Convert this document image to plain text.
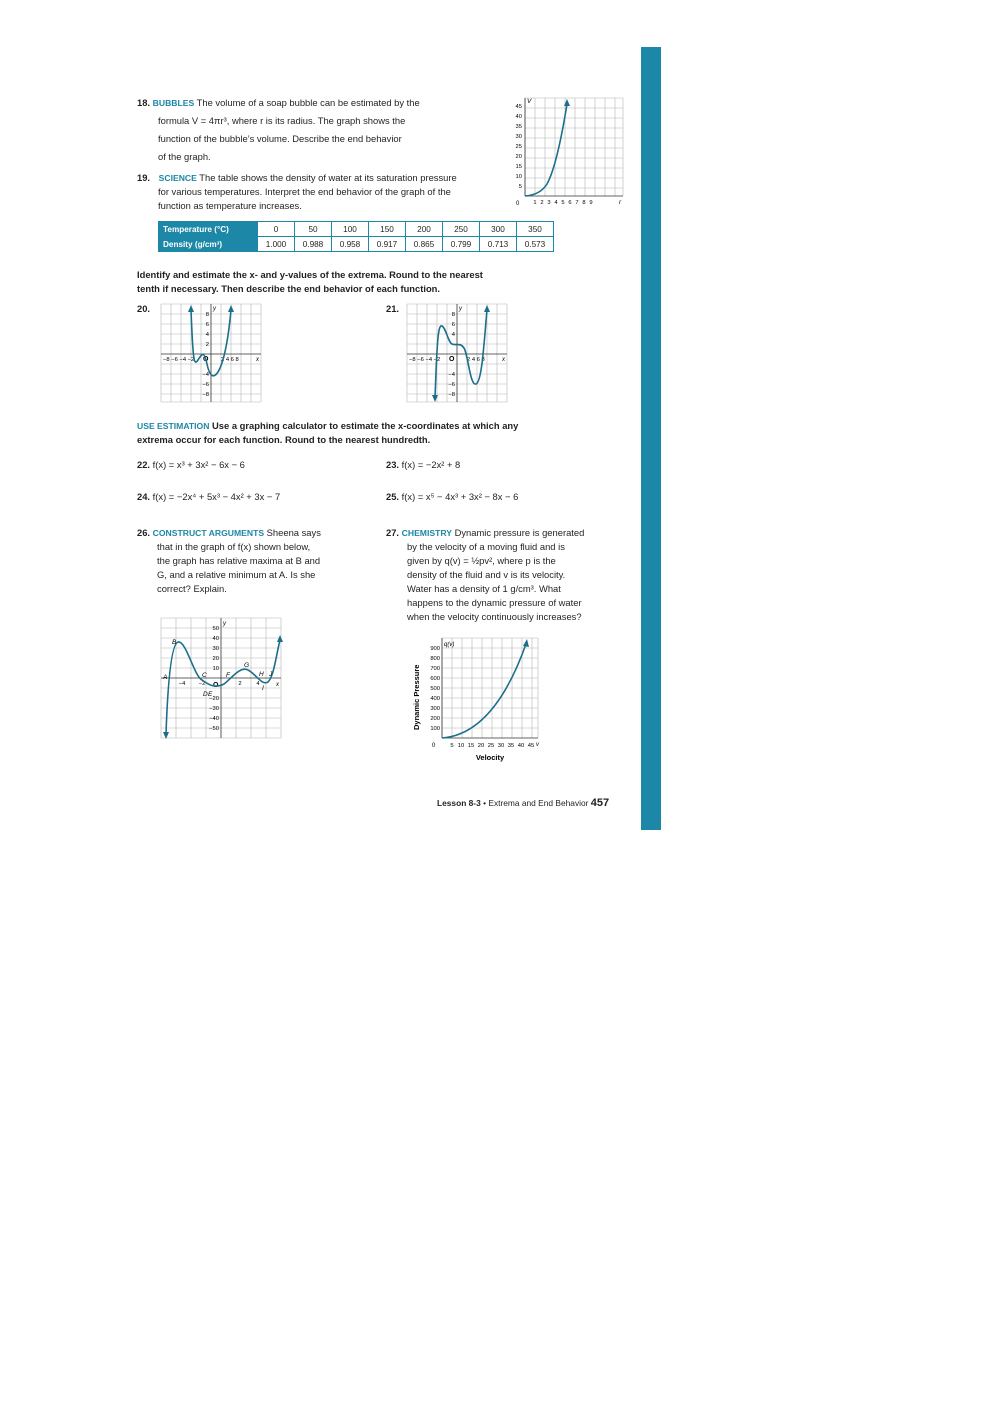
18. BUBBLES The volume of a soap bubble can be estimated by the

formula V = 4πr³, where r is its radius. The graph shows the

function of the bubble’s volume. Describe the end behavior

of the graph.

V
r
0
45
40
35
30
25
20
15
10
5
1 2 3 4 5 6 7 8 9

19. SCIENCE The table shows the density of water at its saturation pressure

for various temperatures. Interpret the end behavior of the graph of the

function as temperature increases.

Temperature (°C)	0	50	100	150	200	250	300	350
Density (g/cm³)	1.000	0.988	0.958	0.917	0.865	0.799	0.713	0.573

Identify and estimate the x- and y-values of the extrema. Round to the nearest

tenth if necessary. Then describe the end behavior of each function.

20.	21.
y
x
O
8
6
4
2
−4
−6
−8
−8 −6 −4 −2	2 4 6 8
y
x
O
8
6
4
−4
−6
−8
−8 −6 −4 −2	2 4 6 8

USE ESTIMATION Use a graphing calculator to estimate the x-coordinates at which any

extrema occur for each function. Round to the nearest hundredth.

22. f(x) = x³ + 3x² − 6x − 6	23. f(x) = −2x² + 8
24. f(x) = −2x⁴ + 5x³ − 4x² + 3x − 7	25. f(x) = x⁵ − 4x³ + 3x² − 8x − 6

26. CONSTRUCT ARGUMENTS Sheena says

that in the graph of f(x) shown below,

the graph has relative maxima at B and

G, and a relative minimum at A. Is she

correct? Explain.

y
x
O
50
40
30
20
10
−20
−30
−40
−50
−4 −2	2	4
A
B
C
D E
F
G
H
I
J

27. CHEMISTRY Dynamic pressure is generated

by the velocity of a moving fluid and is

given by q(v) = ½pv², where p is the

density of the fluid and v is its velocity.

Water has a density of 1 g/cm³. What

happens to the dynamic pressure of water

when the velocity continuously increases?

Dynamic Pressure
q(v)
v
0
900
800
700
600
500
400
300
200
100
5 10 15 20 25 30 35 40 45
Velocity
Lesson 8-3 • Extrema and End Behavior 457
